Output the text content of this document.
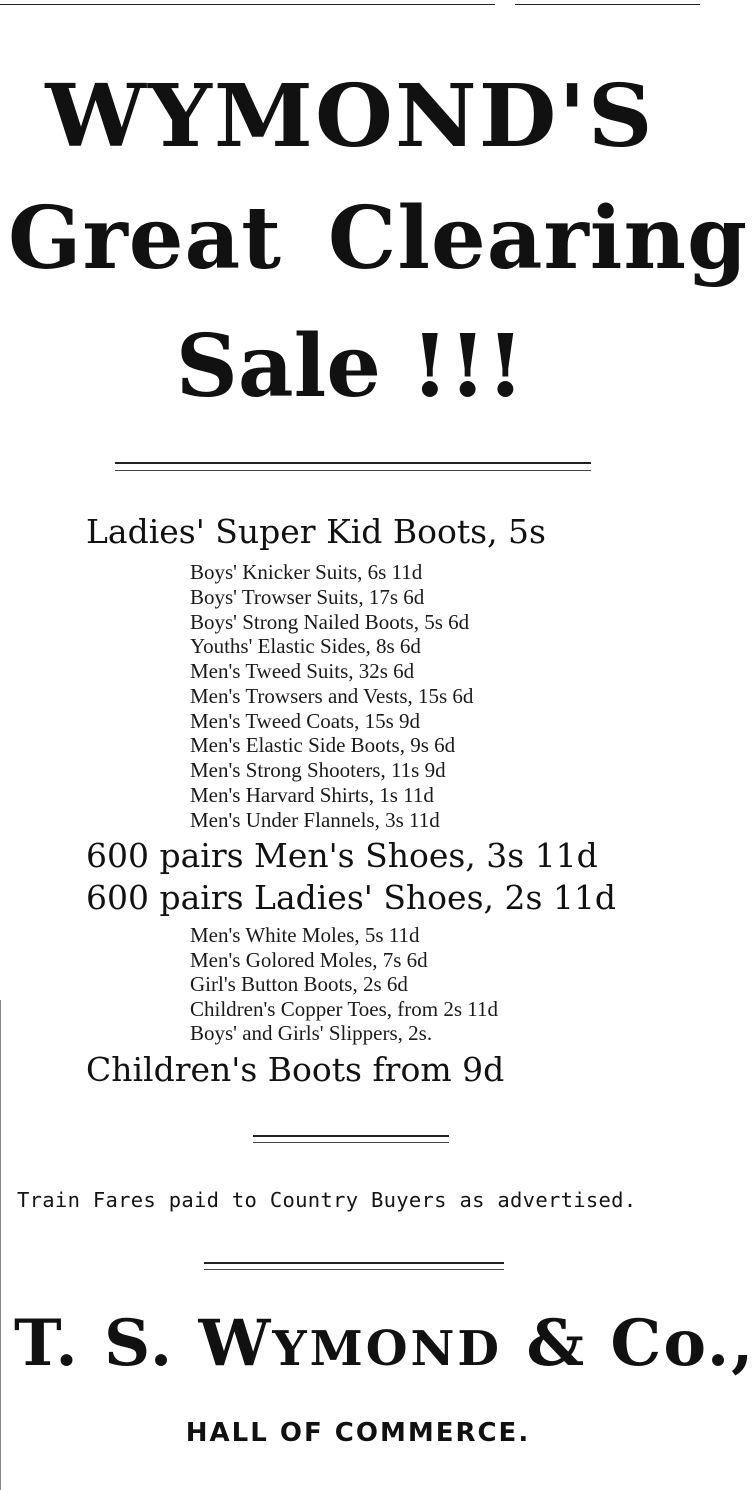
WYMOND'S
Great Clearing
Sale !!!
Ladies' Super Kid Boots, 5s
Boys' Knicker Suits, 6s 11d
Boys' Trowser Suits, 17s 6d
Boys' Strong Nailed Boots, 5s 6d
Youths' Elastic Sides, 8s 6d
Men's Tweed Suits, 32s 6d
Men's Trowsers and Vests, 15s 6d
Men's Tweed Coats, 15s 9d
Men's Elastic Side Boots, 9s 6d
Men's Strong Shooters, 11s 9d
Men's Harvard Shirts, 1s 11d
Men's Under Flannels, 3s 11d
600 pairs Men's Shoes, 3s 11d
600 pairs Ladies' Shoes, 2s 11d
Men's White Moles, 5s 11d
Men's Golored Moles, 7s 6d
Girl's Button Boots, 2s 6d
Children's Copper Toes, from 2s 11d
Boys' and Girls' Slippers, 2s.
Children's Boots from 9d
Train Fares paid to Country Buyers as advertised.
T. S. WYMOND & Co.,
HALL OF COMMERCE.
